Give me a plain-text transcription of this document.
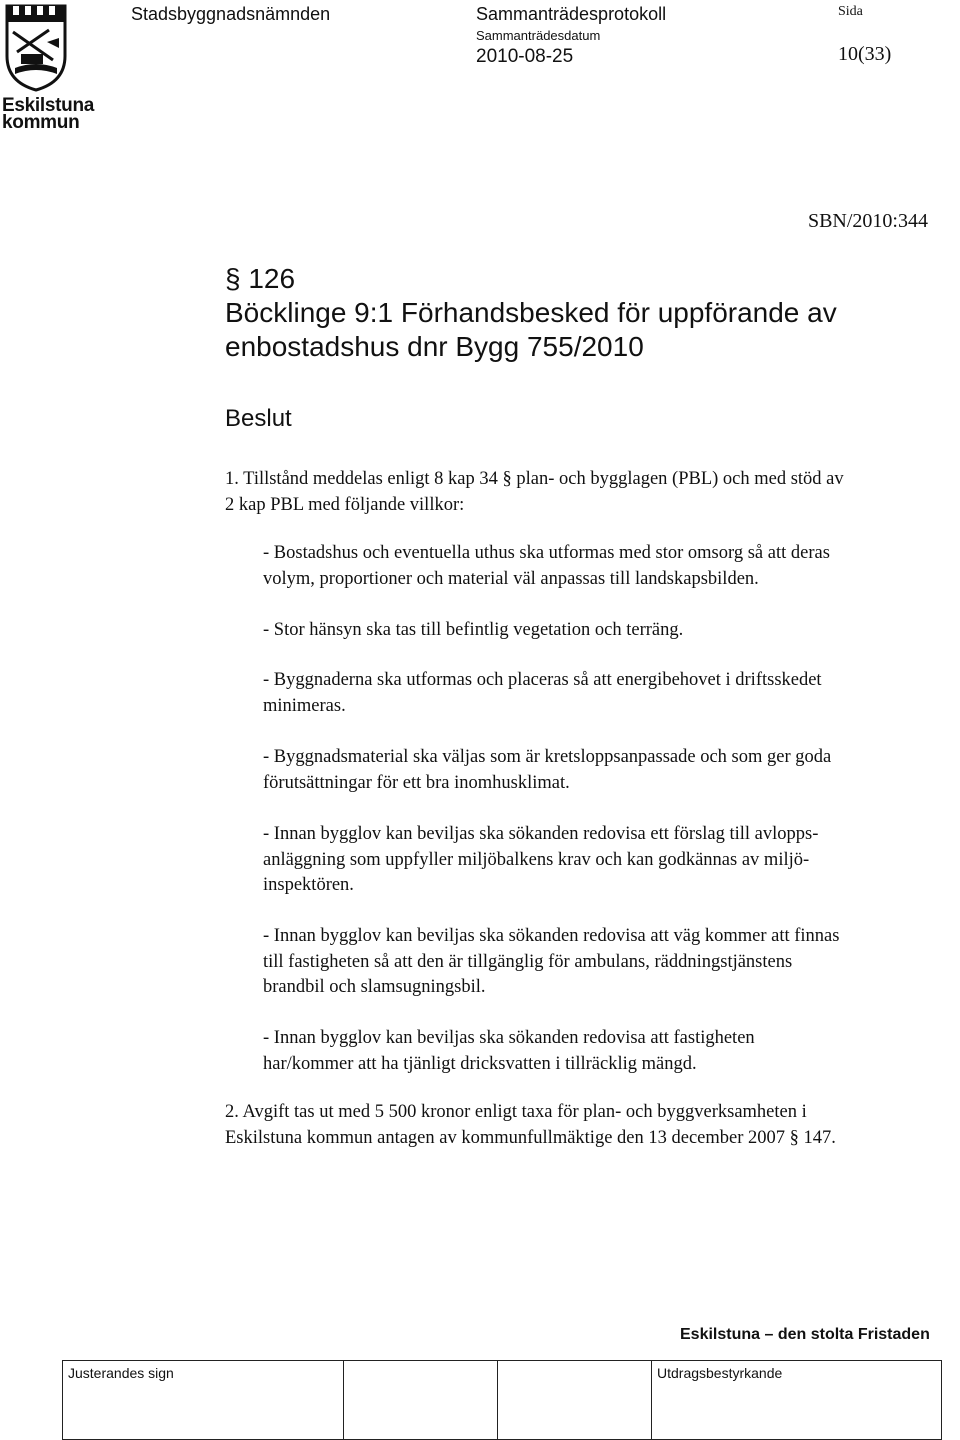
Eskilstuna
kommun
Stadsbyggnadsnämnden	Sammanträdesprotokoll
Sammanträdesdatum
2010-08-25
Sida
10(33)
SBN/2010:344
§ 126
Böcklinge 9:1 Förhandsbesked för uppförande av
enbostadshus dnr Bygg 755/2010
Beslut
1. Tillstånd meddelas enligt 8 kap 34 § plan- och bygglagen (PBL) och med stöd av
2 kap PBL med följande villkor:
- Bostadshus och eventuella uthus ska utformas med stor omsorg så att deras
volym, proportioner och material väl anpassas till landskapsbilden.
- Stor hänsyn ska tas till befintlig vegetation och terräng.
- Byggnaderna ska utformas och placeras så att energibehovet i driftsskedet
minimeras.
- Byggnadsmaterial ska väljas som är kretsloppsanpassade och som ger goda
förutsättningar för ett bra inomhusklimat.
- Innan bygglov kan beviljas ska sökanden redovisa ett förslag till avlopps-
anläggning som uppfyller miljöbalkens krav och kan godkännas av miljö-
inspektören.
- Innan bygglov kan beviljas ska sökanden redovisa att väg kommer att finnas
till fastigheten så att den är tillgänglig för ambulans, räddningstjänstens
brandbil och slamsugningsbil.
- Innan bygglov kan beviljas ska sökanden redovisa att fastigheten
har/kommer att ha tjänligt dricksvatten i tillräcklig mängd.
2. Avgift tas ut med 5 500 kronor enligt taxa för plan- och byggverksamheten i
Eskilstuna kommun antagen av kommunfullmäktige den 13 december 2007 § 147.
Eskilstuna – den stolta Fristaden
Justerandes sign			Utdragsbestyrkande
